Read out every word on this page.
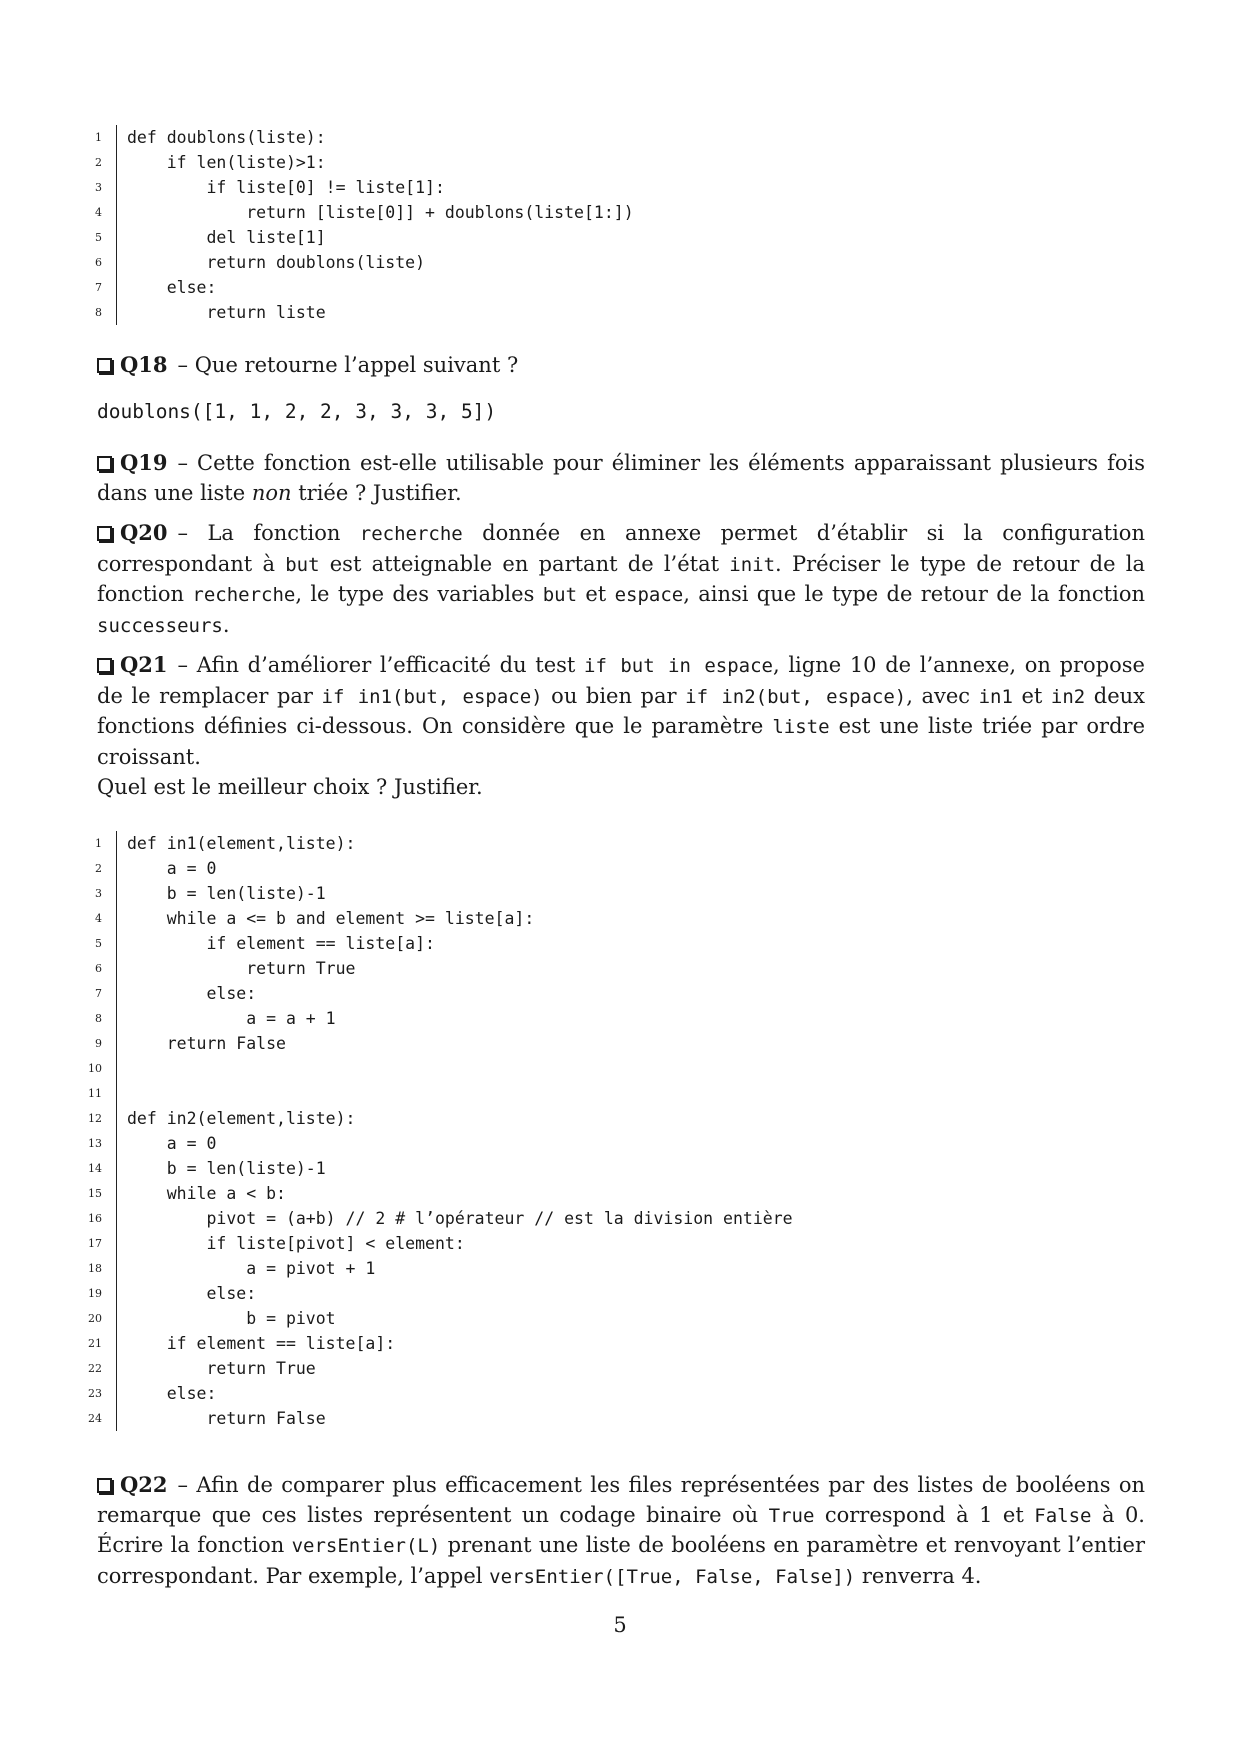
1	def doublons(liste):
2	if len(liste)>1:
3	if liste[0] != liste[1]:
4	return [liste[0]] + doublons(liste[1:])
5	del liste[1]
6	return doublons(liste)
7	else:
8	return liste
Q18 – Que retourne l’appel suivant ?
doublons([1, 1, 2, 2, 3, 3, 3, 5])
Q19 – Cette fonction est-elle utilisable pour éliminer les éléments apparaissant plusieurs fois dans une liste non triée ? Justifier.
Q20 – La fonction recherche donnée en annexe permet d’établir si la configuration correspondant à but est atteignable en partant de l’état init. Préciser le type de retour de la fonction recherche, le type des variables but et espace, ainsi que le type de retour de la fonction successeurs.
Q21 – Afin d’améliorer l’efficacité du test if but in espace, ligne 10 de l’annexe, on propose de le remplacer par if in1(but, espace) ou bien par if in2(but, espace), avec in1 et in2 deux fonctions définies ci-dessous. On considère que le paramètre liste est une liste triée par ordre croissant.
Quel est le meilleur choix ? Justifier.
1	def in1(element,liste):
2	a = 0
3	b = len(liste)-1
4	while a <= b and element >= liste[a]:
5	if element == liste[a]:
6	return True
7	else:
8	a = a + 1
9	return False
10
11
12	def in2(element,liste):
13	a = 0
14	b = len(liste)-1
15	while a < b:
16	pivot = (a+b) // 2 # l’opérateur // est la division entière
17	if liste[pivot] < element:
18	a = pivot + 1
19	else:
20	b = pivot
21	if element == liste[a]:
22	return True
23	else:
24	return False
Q22 – Afin de comparer plus efficacement les files représentées par des listes de booléens on remarque que ces listes représentent un codage binaire où True correspond à 1 et False à 0. Écrire la fonction versEntier(L) prenant une liste de booléens en paramètre et renvoyant l’entier correspondant. Par exemple, l’appel versEntier([True, False, False]) renverra 4.
5
